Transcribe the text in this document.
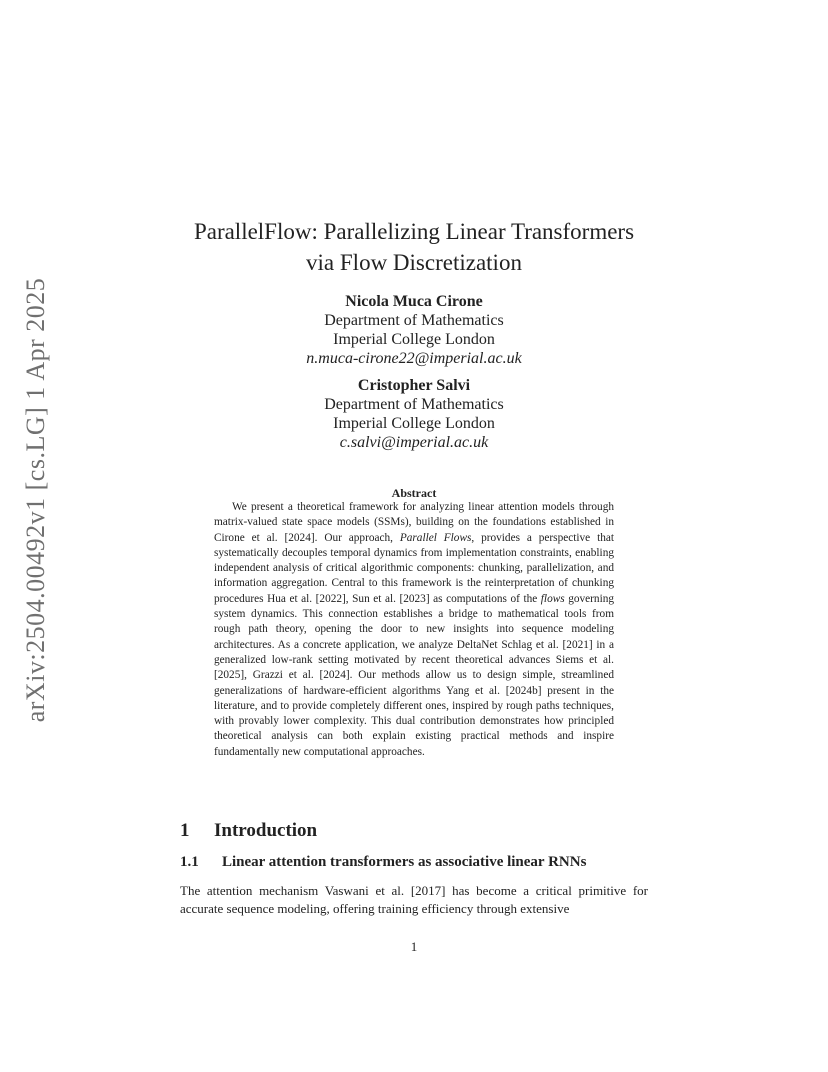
arXiv:2504.00492v1 [cs.LG] 1 Apr 2025
ParallelFlow: Parallelizing Linear Transformers
via Flow Discretization
Nicola Muca Cirone
Department of Mathematics
Imperial College London
n.muca-cirone22@imperial.ac.uk
Cristopher Salvi
Department of Mathematics
Imperial College London
c.salvi@imperial.ac.uk
Abstract

We present a theoretical framework for analyzing linear attention models through matrix-valued state space models (SSMs), building on the foundations established in Cirone et al. [2024]. Our approach, Parallel Flows, provides a perspective that systematically decouples temporal dynamics from implementation constraints, enabling independent analysis of critical algorithmic components: chunking, parallelization, and information aggregation. Central to this framework is the reinterpretation of chunking procedures Hua et al. [2022], Sun et al. [2023] as computations of the flows governing system dynamics. This connection establishes a bridge to mathematical tools from rough path theory, opening the door to new insights into sequence modeling architectures. As a concrete application, we analyze DeltaNet Schlag et al. [2021] in a generalized low-rank setting motivated by recent theoretical advances Siems et al. [2025], Grazzi et al. [2024]. Our methods allow us to design simple, streamlined generalizations of hardware-efficient algorithms Yang et al. [2024b] present in the literature, and to provide completely different ones, inspired by rough paths techniques, with provably lower complexity. This dual contribution demonstrates how principled theoretical analysis can both explain existing practical methods and inspire fundamentally new computational approaches.

1 Introduction
1.1 Linear attention transformers as associative linear RNNs

The attention mechanism Vaswani et al. [2017] has become a critical primitive for accurate sequence modeling, offering training efficiency through extensive

1
